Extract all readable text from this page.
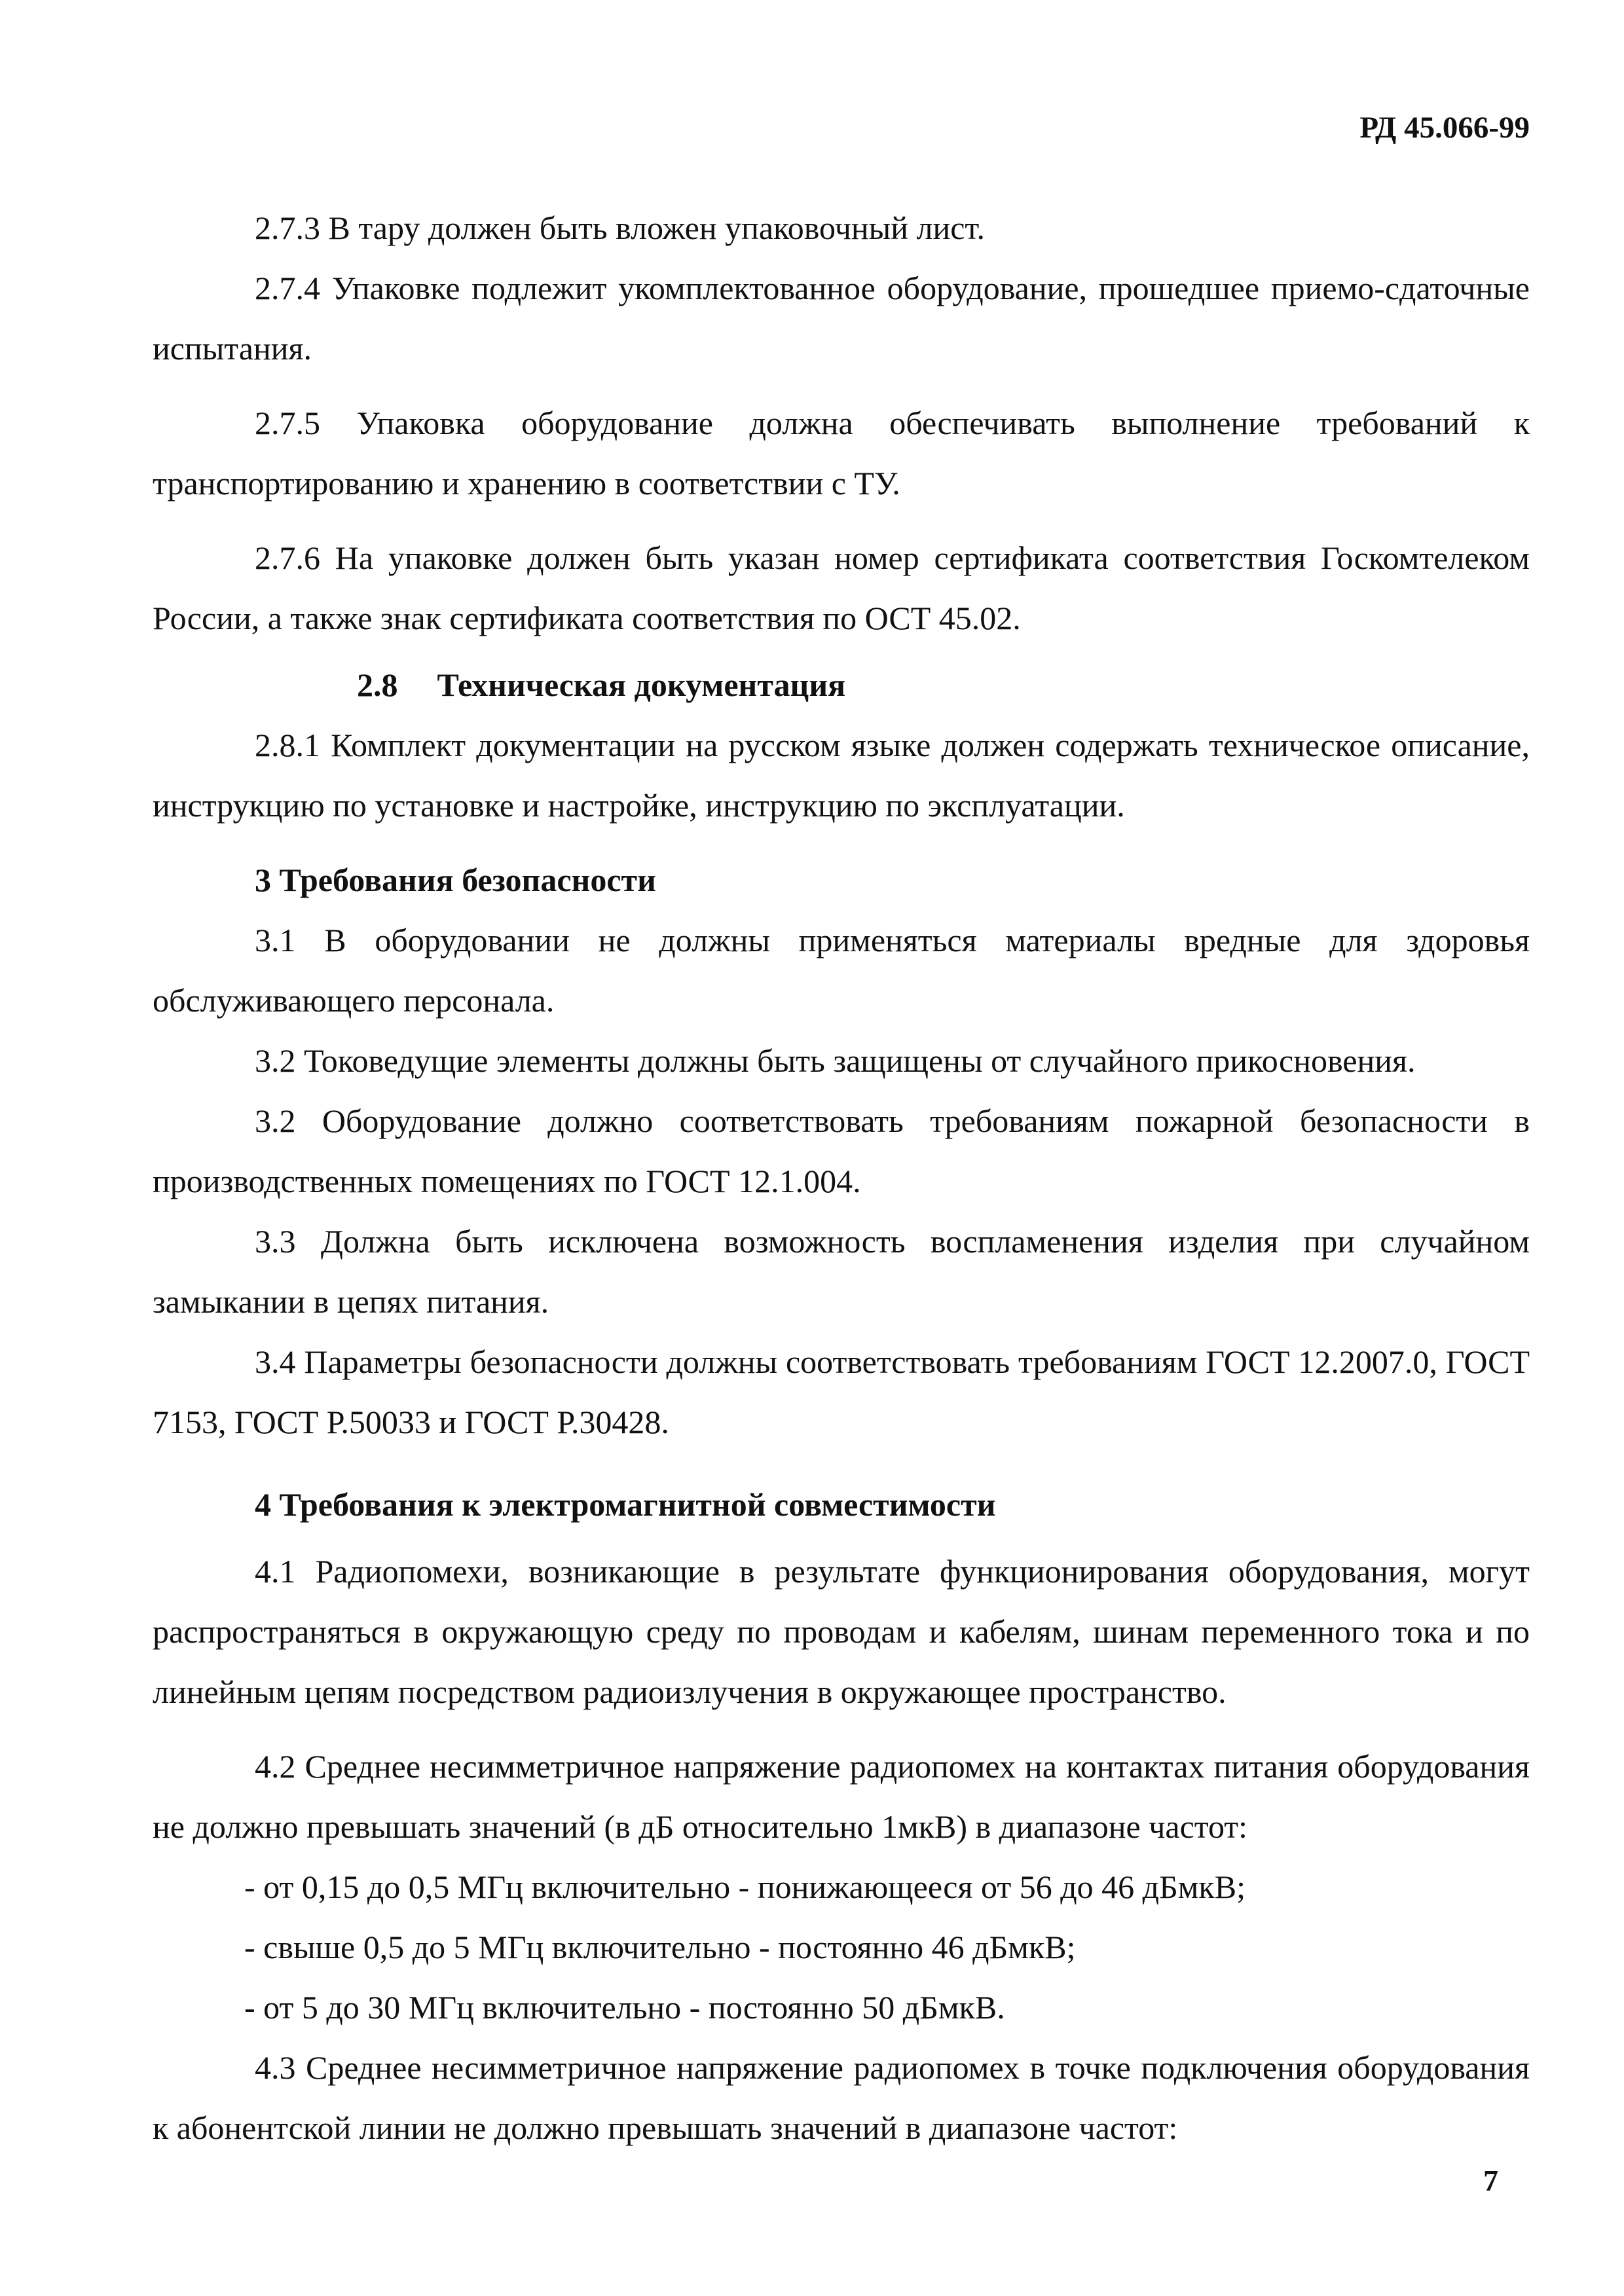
РД 45.066-99

2.7.3 В тару должен быть вложен упаковочный лист.

2.7.4 Упаковке подлежит укомплектованное оборудование, прошедшее приемо-сдаточные испытания.

2.7.5 Упаковка оборудование должна обеспечивать выполнение требований к транспортированию и хранению в соответствии с ТУ.

2.7.6 На упаковке должен быть указан номер сертификата соответствия Госкомтелеком России, а также знак сертификата соответствия по ОСТ 45.02.

2.8 Техническая документация

2.8.1 Комплект документации на русском языке должен содержать техническое описание, инструкцию по установке и настройке, инструкцию по эксплуатации.

3 Требования безопасности

3.1 В оборудовании не должны применяться материалы вредные для здоровья обслуживающего персонала.

3.2 Токоведущие элементы должны быть защищены от случайного прикосновения.

3.2 Оборудование должно соответствовать требованиям пожарной безопасности в производственных помещениях по ГОСТ 12.1.004.

3.3 Должна быть исключена возможность воспламенения изделия при случайном замыкании в цепях питания.

3.4 Параметры безопасности должны соответствовать требованиям ГОСТ 12.2007.0, ГОСТ 7153, ГОСТ Р.50033 и ГОСТ Р.30428.

4 Требования к электромагнитной совместимости

4.1 Радиопомехи, возникающие в результате функционирования оборудования, могут распространяться в окружающую среду по проводам и кабелям, шинам переменного тока и по линейным цепям посредством радиоизлучения в окружающее пространство.

4.2 Среднее несимметричное напряжение радиопомех на контактах питания оборудования не должно превышать значений (в дБ относительно 1мкВ) в диапазоне частот:

- от 0,15 до 0,5 МГц включительно - понижающееся от 56 до 46 дБмкВ;

- свыше 0,5 до 5 МГц включительно - постоянно 46 дБмкВ;

- от 5 до 30 МГц включительно - постоянно 50 дБмкВ.

4.3 Среднее несимметричное напряжение радиопомех в точке подключения оборудования к абонентской линии не должно превышать значений в диапазоне частот:

7
